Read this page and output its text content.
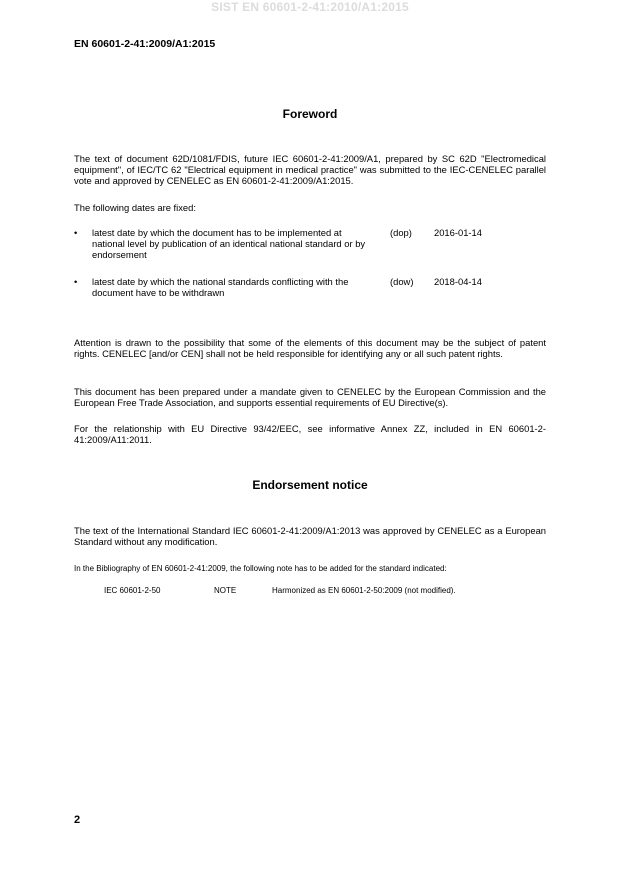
SIST EN 60601-2-41:2010/A1:2015
EN 60601-2-41:2009/A1:2015
Foreword

The text of document 62D/1081/FDIS, future IEC 60601-2-41:2009/A1, prepared by SC 62D "Electromedical equipment", of IEC/TC 62 "Electrical equipment in medical practice" was submitted to the IEC-CENELEC parallel vote and approved by CENELEC as EN 60601-2-41:2009/A1:2015.

The following dates are fixed:

• latest date by which the document has to be implemented at national level by publication of an identical national standard or by endorsement
(dop) 2016-01-14
• latest date by which the national standards conflicting with the document have to be withdrawn
(dow) 2018-04-14

Attention is drawn to the possibility that some of the elements of this document may be the subject of patent rights. CENELEC [and/or CEN] shall not be held responsible for identifying any or all such patent rights.

This document has been prepared under a mandate given to CENELEC by the European Commission and the European Free Trade Association, and supports essential requirements of EU Directive(s).

For the relationship with EU Directive 93/42/EEC, see informative Annex ZZ, included in EN 60601-2-41:2009/A11:2011.

Endorsement notice

The text of the International Standard IEC 60601-2-41:2009/A1:2013 was approved by CENELEC as a European Standard without any modification.

In the Bibliography of EN 60601-2-41:2009, the following note has to be added for the standard indicated:

IEC 60601-2-50	NOTE	Harmonized as EN 60601-2-50:2009 (not modified).
2
